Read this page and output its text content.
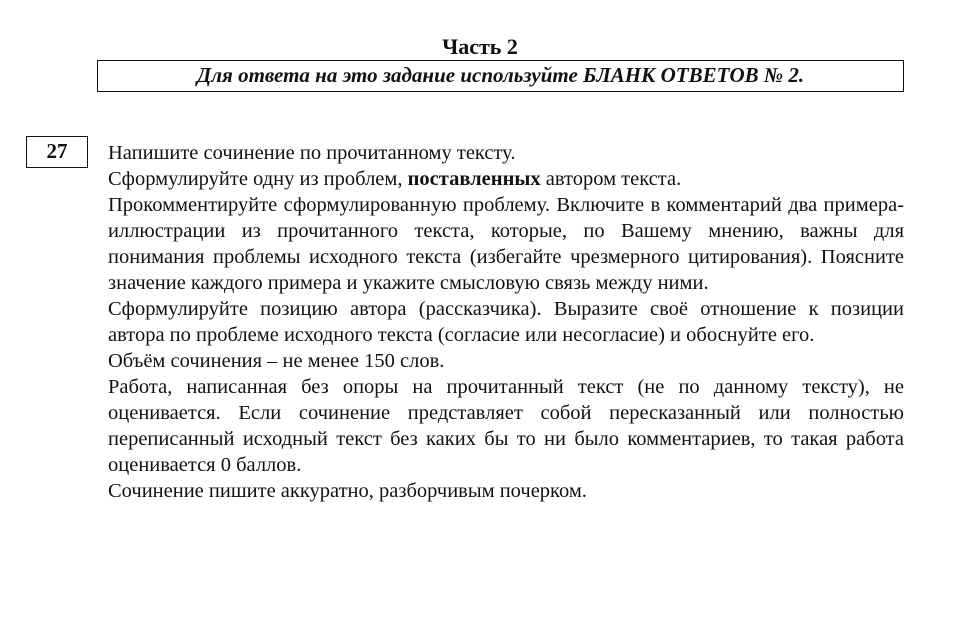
Часть 2
Для ответа на это задание используйте БЛАНК ОТВЕТОВ № 2.
27	Напишите сочинение по прочитанному тексту.

Сформулируйте одну из проблем, поставленных автором текста.

Прокомментируйте сформулированную проблему. Включите в комментарий два примера-иллюстрации из прочитанного текста, которые, по Вашему мнению, важны для понимания проблемы исходного текста (избегайте чрезмерного цитирования). Поясните значение каждого примера и укажите смысловую связь между ними.

Сформулируйте позицию автора (рассказчика). Выразите своё отношение к позиции автора по проблеме исходного текста (согласие или несогласие) и обоснуйте его.

Объём сочинения – не менее 150 слов.

Работа, написанная без опоры на прочитанный текст (не по данному тексту), не оценивается. Если сочинение представляет собой пересказанный или полностью переписанный исходный текст без каких бы то ни было комментариев, то такая работа оценивается 0 баллов.

Сочинение пишите аккуратно, разборчивым почерком.
